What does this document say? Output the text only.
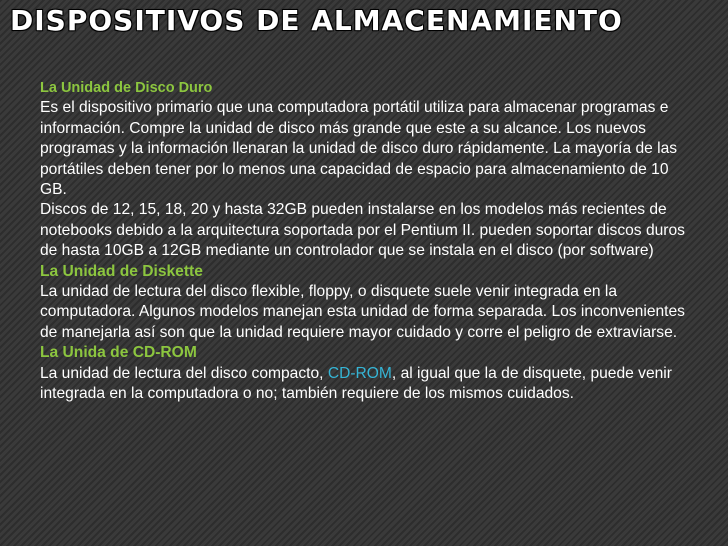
DISPOSITIVOS DE ALMACENAMIENTO

La Unidad de Disco Duro

Es el dispositivo primario que una computadora portátil utiliza para almacenar programas e información. Compre la unidad de disco más grande que este a su alcance. Los nuevos programas y la información llenaran la unidad de disco duro rápidamente. La mayoría de las portátiles deben tener por lo menos una capacidad de espacio para almacenamiento de 10 GB.

Discos de 12, 15, 18, 20 y hasta 32GB pueden instalarse en los modelos más recientes de notebooks debido a la arquitectura soportada por el Pentium II. pueden soportar discos duros de hasta 10GB a 12GB mediante un controlador que se instala en el disco (por software)

La Unidad de Diskette

La unidad de lectura del disco flexible, floppy, o disquete suele venir integrada en la computadora. Algunos modelos manejan esta unidad de forma separada. Los inconvenientes de manejarla así son que la unidad requiere mayor cuidado y corre el peligro de extraviarse.

La Unida de CD-ROM

La unidad de lectura del disco compacto, CD-ROM, al igual que la de disquete, puede venir integrada en la computadora o no; también requiere de los mismos cuidados.
